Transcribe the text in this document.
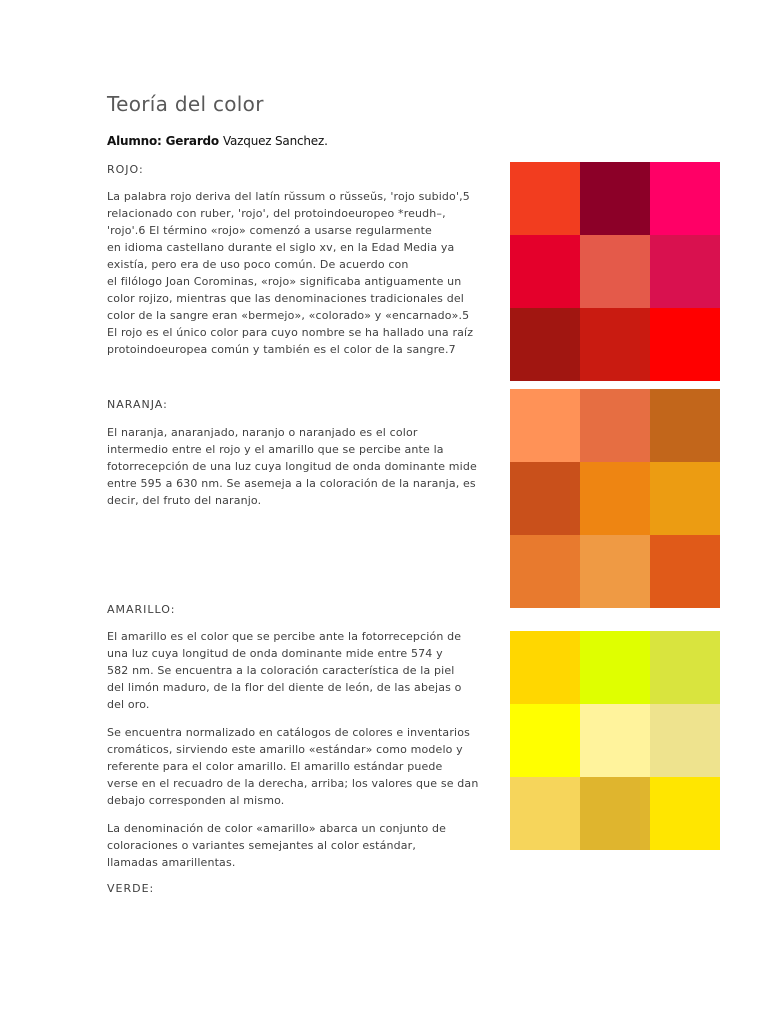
Teoría del color
Alumno: Gerardo Vazquez Sanchez.
ROJO:
La palabra rojo deriva del latín rŭssum o rŭsseŭs, 'rojo subido',5
relacionado con ruber, 'rojo', del protoindoeuropeo *reudh–,
'rojo'.6 El término «rojo» comenzó a usarse regularmente
en idioma castellano durante el siglo xv, en la Edad Media ya
existía, pero era de uso poco común. De acuerdo con
el filólogo Joan Corominas, «rojo» significaba antiguamente un
color rojizo, mientras que las denominaciones tradicionales del
color de la sangre eran «bermejo», «colorado» y «encarnado».5
El rojo es el único color para cuyo nombre se ha hallado una raíz
protoindoeuropea común y también es el color de la sangre.7
NARANJA:
El naranja, anaranjado, naranjo o naranjado es el color
intermedio entre el rojo y el amarillo que se percibe ante la
fotorrecepción de una luz cuya longitud de onda dominante mide
entre 595 a 630 nm. Se asemeja a la coloración de la naranja, es
decir, del fruto del naranjo.
AMARILLO:
El amarillo es el color que se percibe ante la fotorrecepción de
una luz cuya longitud de onda dominante mide entre 574 y
582 nm. Se encuentra a la coloración característica de la piel
del limón maduro, de la flor del diente de león, de las abejas o
del oro.
Se encuentra normalizado en catálogos de colores e inventarios
cromáticos, sirviendo este amarillo «estándar» como modelo y
referente para el color amarillo. El amarillo estándar puede
verse en el recuadro de la derecha, arriba; los valores que se dan
debajo corresponden al mismo.
La denominación de color «amarillo» abarca un conjunto de
coloraciones o variantes semejantes al color estándar,
llamadas amarillentas.
VERDE:
